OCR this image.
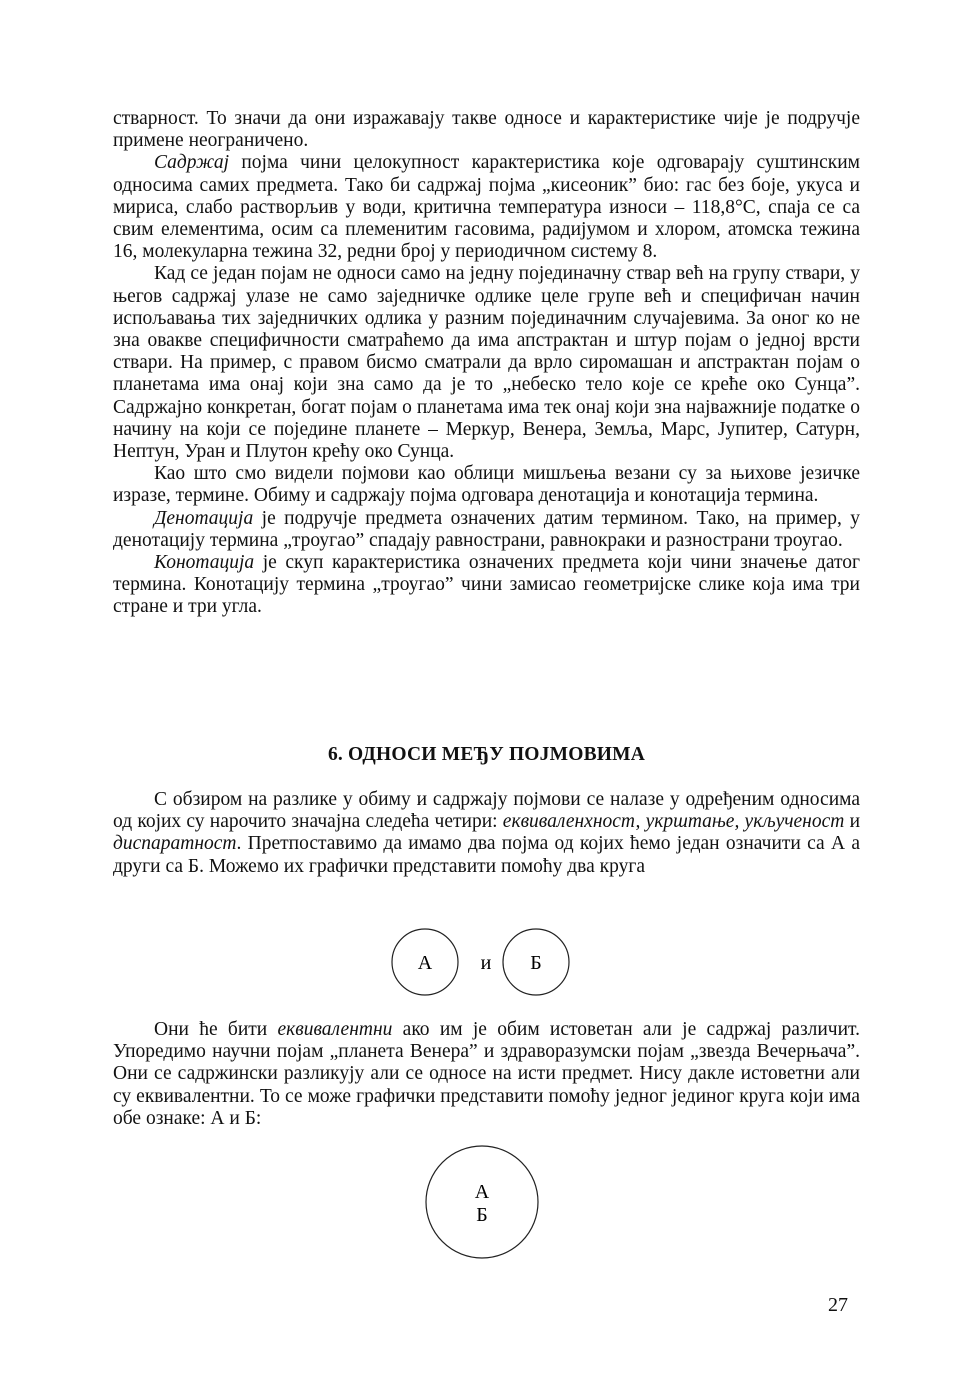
стварност. То значи да они изражавају такве односе и карактеристике чије је подручје примене неограничено.

Садржај појма чини целокупност карактеристика које одговарају суштинским односима самих предмета. Тако би садржај појма „кисеоник” био: гас без боје, укуса и мириса, слабо растворљив у води, критична температура износи – 118,8°С, спаја се са свим елементима, осим са племенитим гасовима, радијумом и хлором, атомска тежина 16, молекуларна тежина 32, редни број у периодичном систему 8.

Кад се један појам не односи само на једну појединачну ствар већ на групу ствари, у његов садржај улазе не само заједничке одлике целе групе већ и специфичан начин испољавања тих заједничких одлика у разним појединачним случајевима. За оног ко не зна овакве специфичности сматраћемо да има апстрактан и штур појам о једној врсти ствари. На пример, с правом бисмо сматрали да врло сиромашан и апстрактан појам о планетама има онај који зна само да је то „небеско тело које се креће око Сунца”. Садржајно конкретан, богат појам о планетама има тек онај који зна најважније податке о начину на који се поједине планете – Меркур, Венера, Земља, Марс, Јупитер, Сатурн, Нептун, Уран и Плутон крећу око Сунца.

Као што смо видели појмови као облици мишљења везани су за њихове језичке изразе, термине. Обиму и садржају појма одговара денотација и конотација термина.

Денотација је подручје предмета означених датим термином. Тако, на пример, у денотацију термина „троугао” спадају равнострани, равнокраки и разнострани троугао.

Конотација је скуп карактеристика означених предмета који чини значење датог термина. Конотацију термина „троугао” чини замисао геометријске слике која има три стране и три угла.

6. ОДНОСИ МЕЂУ ПОЈМОВИМА

С обзиром на разлике у обиму и садржају појмови се налазе у одређеним односима од којих су нарочито значајна следећа четири: еквиваленхност, укрштање, укљученост и диспаратност. Претпоставимо да имамо два појма од којих ћемо један означити са А а други са Б. Можемо их графички представити помоћу два круга

А и Б

Они ће бити еквивалентни ако им је обим истоветан али је садржај различит. Упоредимо научни појам „планета Венера” и здраворазумски појам „звезда Вечерњача”. Они се садржински разликују али се односе на исти предмет. Нису дакле истоветни али су еквивалентни. То се може графички представити помоћу једног јединог круга који има обе ознаке: А и Б:

А
Б
27
